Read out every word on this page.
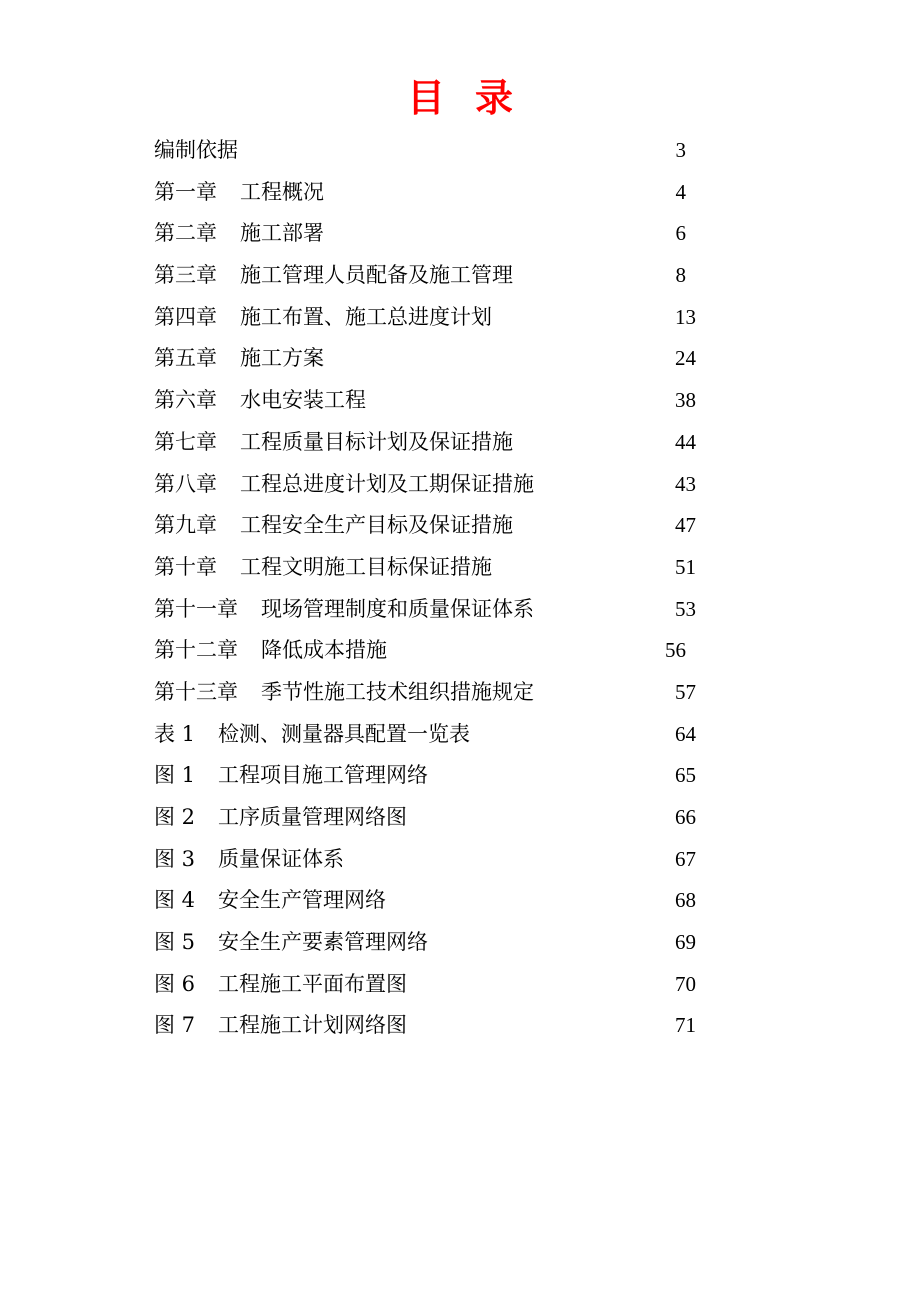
目录
编制依据	3
第一章 工程概况	4
第二章 施工部署	6
第三章 施工管理人员配备及施工管理	8
第四章 施工布置、施工总进度计划	13
第五章 施工方案	24
第六章 水电安装工程	38
第七章 工程质量目标计划及保证措施	44
第八章 工程总进度计划及工期保证措施	43
第九章 工程安全生产目标及保证措施	47
第十章 工程文明施工目标保证措施	51
第十一章 现场管理制度和质量保证体系	53
第十二章 降低成本措施	56
第十三章 季节性施工技术组织措施规定	57
表 1 检测、测量器具配置一览表	64
图 1 工程项目施工管理网络	65
图 2 工序质量管理网络图	66
图 3 质量保证体系	67
图 4 安全生产管理网络	68
图 5 安全生产要素管理网络	69
图 6 工程施工平面布置图	70
图 7 工程施工计划网络图	71
